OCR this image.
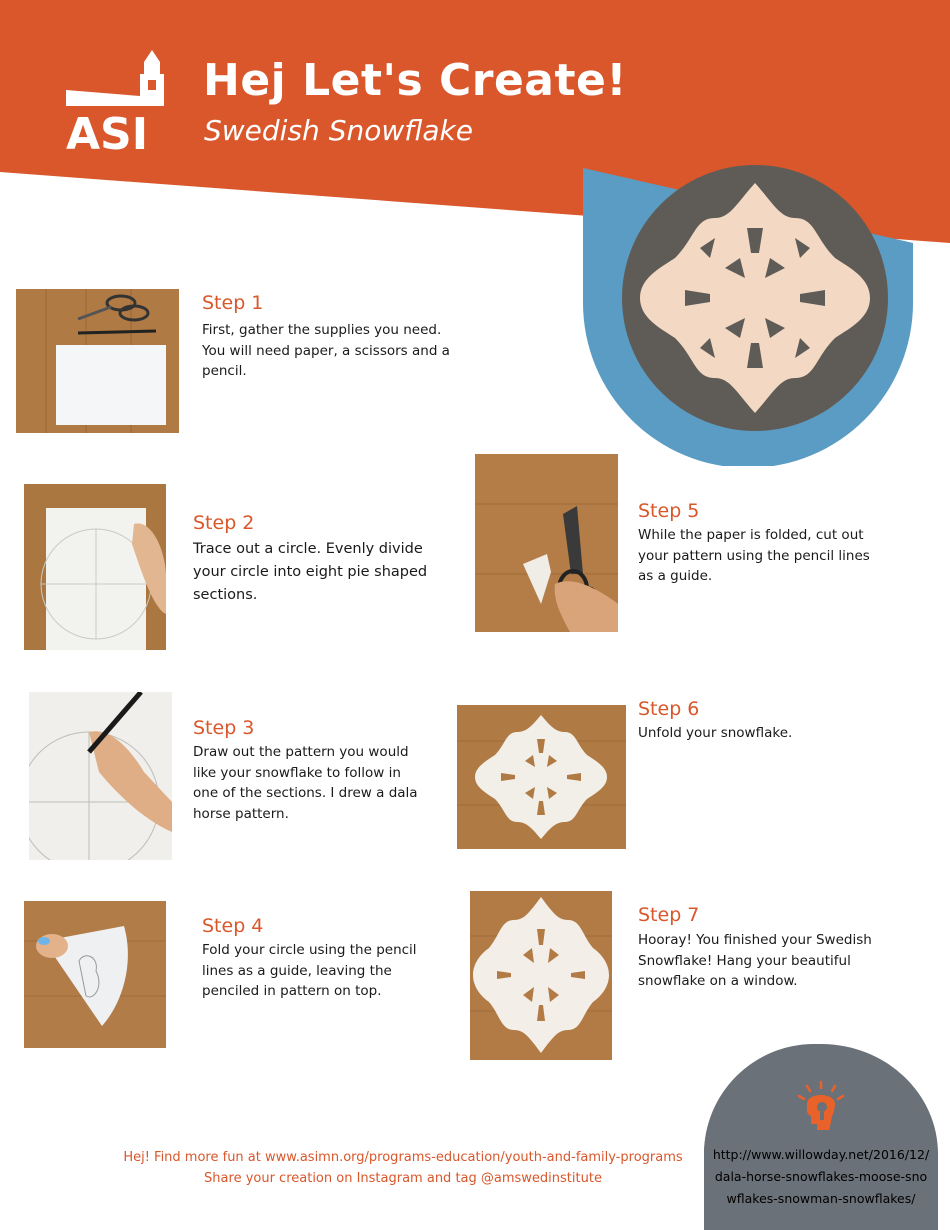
ASI
Hej Let's Create!
Swedish Snowflake
Step 1
First, gather the supplies you need. You will need paper, a scissors and a pencil.
Step 2
Trace out a circle. Evenly divide your circle into eight pie shaped sections.
Step 3
Draw out the pattern you would like your snowflake to follow in one of the sections. I drew a dala horse pattern.
Step 4
Fold your circle using the pencil lines as a guide, leaving the penciled in pattern on top.
Step 5
While the paper is folded, cut out your pattern using the pencil lines as a guide.
Step 6
Unfold your snowflake.
Step 7
Hooray! You finished your Swedish Snowflake! Hang your beautiful snowflake on a window.
Hej! Find more fun at www.asimn.org/programs-education/youth-and-family-programs
Share your creation on Instagram and tag @amswedinstitute
http://www.willowday.net/2016/12/dala-horse-snowflakes-moose-snowflakes-snowman-snowflakes/
